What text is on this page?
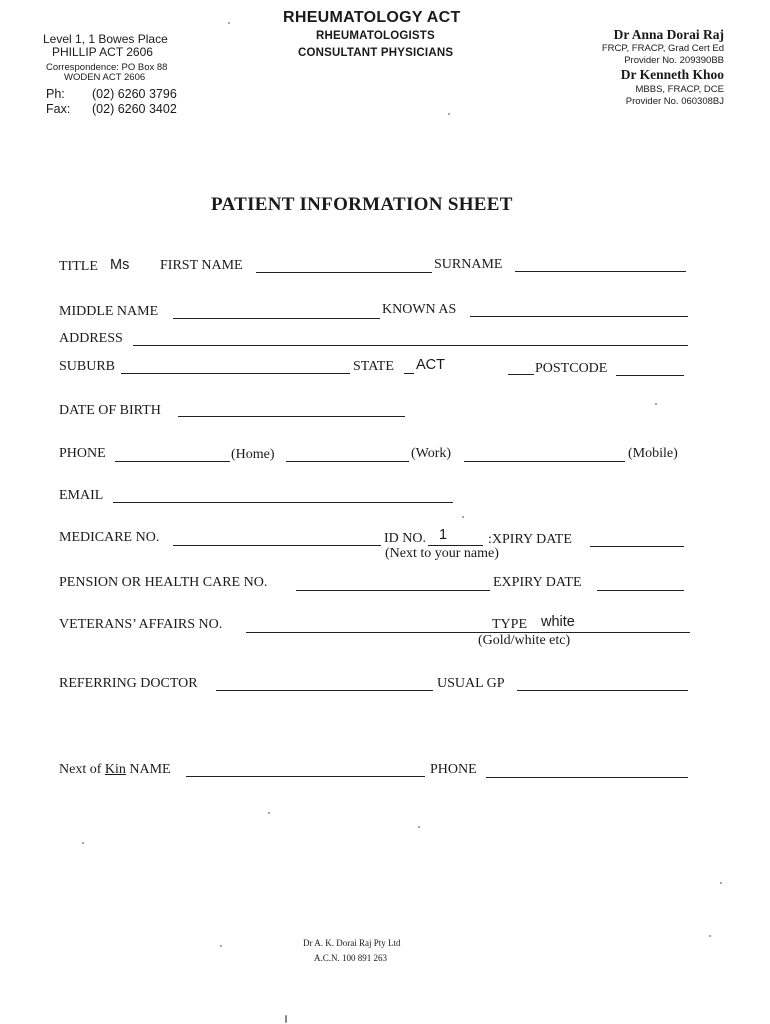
Level 1, 1 Bowes Place
PHILLIP ACT 2606
Correspondence: PO Box 88
WODEN ACT 2606
Ph: (02) 6260 3796
Fax: (02) 6260 3402
RHEUMATOLOGY ACT
RHEUMATOLOGISTS
CONSULTANT PHYSICIANS
Dr Anna Dorai Raj
FRCP, FRACP, Grad Cert Ed
Provider No. 209390BB
Dr Kenneth Khoo
MBBS, FRACP, DCE
Provider No. 060308BJ
PATIENT INFORMATION SHEET
TITLE Ms FIRST NAME	SURNAME
MIDDLE NAME	KNOWN AS
ADDRESS
SUBURB	STATE ACT	POSTCODE
DATE OF BIRTH
PHONE	(Home)	(Work)	(Mobile)
EMAIL
MEDICARE NO.	ID NO. 1	:XPIRY DATE
(Next to your name)
PENSION OR HEALTH CARE NO.	EXPIRY DATE
VETERANS’ AFFAIRS NO.	TYPE white
(Gold/white etc)
REFERRING DOCTOR	USUAL GP
Next of Kin NAME	PHONE
Dr A. K. Dorai Raj Pty Ltd
A.C.N. 100 891 263
